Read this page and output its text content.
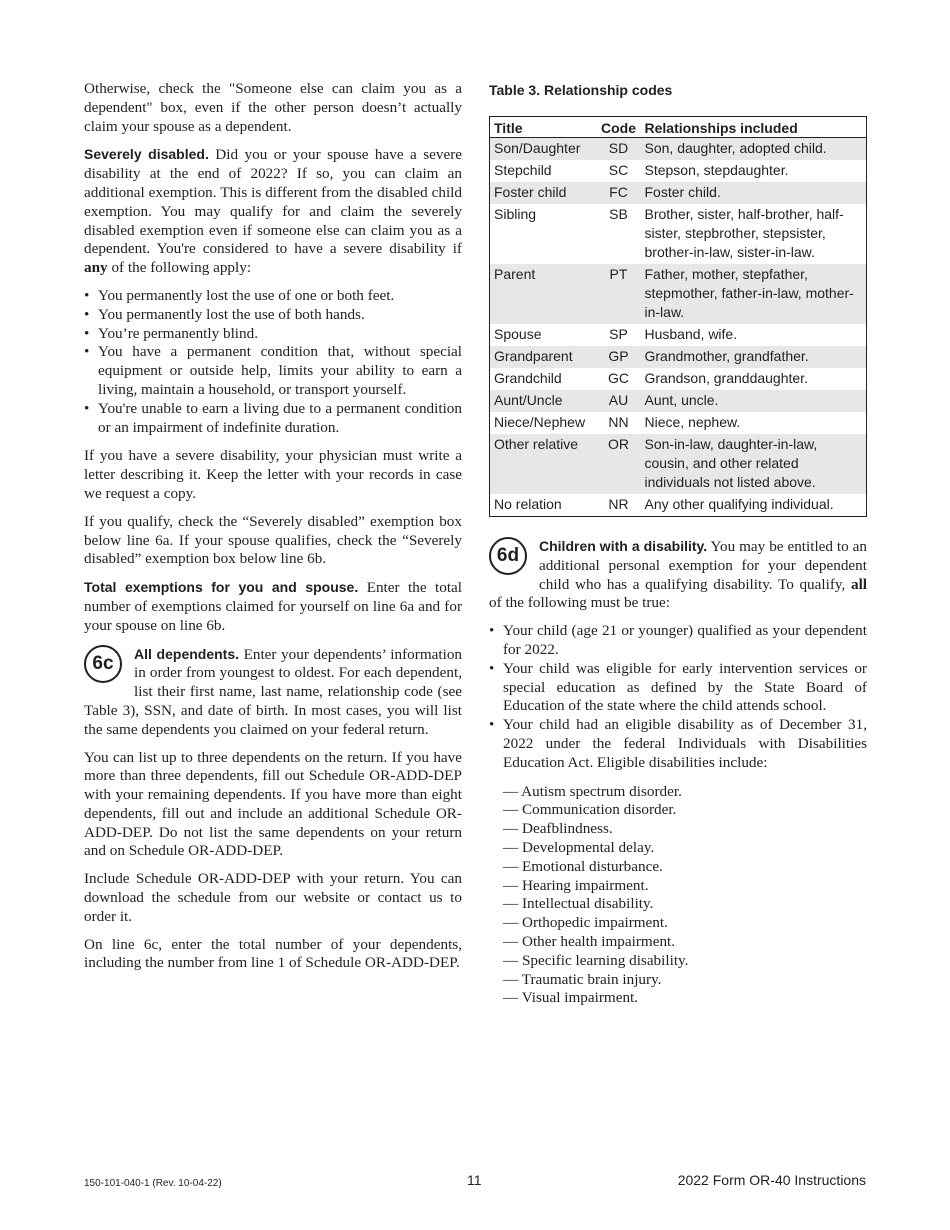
Otherwise, check the "Someone else can claim you as a dependent" box, even if the other person doesn’t actually claim your spouse as a dependent.

Severely disabled. Did you or your spouse have a severe disability at the end of 2022? If so, you can claim an additional exemption. This is different from the disabled child exemption. You may qualify for and claim the severely disabled exemption even if someone else can claim you as a dependent. You're considered to have a severe disability if any of the following apply:

• You permanently lost the use of one or both feet.
• You permanently lost the use of both hands.
• You’re permanently blind.
• You have a permanent condition that, without special equipment or outside help, limits your ability to earn a living, maintain a household, or transport yourself.
• You're unable to earn a living due to a permanent condition or an impairment of indefinite duration.

If you have a severe disability, your physician must write a letter describing it. Keep the letter with your records in case we request a copy.

If you qualify, check the “Severely disabled” exemption box below line 6a. If your spouse qualifies, check the “Severely disabled” exemption box below line 6b.

Total exemptions for you and spouse. Enter the total number of exemptions claimed for yourself on line 6a and for your spouse on line 6b.

6c	All dependents. Enter your dependents’ information in order from youngest to oldest. For each dependent, list their first name, last name, relationship code (see Table 3), SSN, and date of birth. In most cases, you will list the same dependents you claimed on your federal return.

You can list up to three dependents on the return. If you have more than three dependents, fill out Schedule OR-ADD-DEP with your remaining dependents. If you have more than eight dependents, fill out and include an additional Schedule OR-ADD-DEP. Do not list the same dependents on your return and on Schedule OR-ADD-DEP.

Include Schedule OR-ADD-DEP with your return. You can download the schedule from our website or contact us to order it.

On line 6c, enter the total number of your dependents, including the number from line 1 of Schedule OR-ADD-DEP.

Table 3. Relationship codes
Title	Code	Relationships included
Son/Daughter	SD	Son, daughter, adopted child.
Stepchild	SC	Stepson, stepdaughter.
Foster child	FC	Foster child.
Sibling	SB	Brother, sister, half-brother, half-sister, stepbrother, stepsister, brother-in-law, sister-in-law.
Parent	PT	Father, mother, stepfather, stepmother, father-in-law, mother-in-law.
Spouse	SP	Husband, wife.
Grandparent	GP	Grandmother, grandfather.
Grandchild	GC	Grandson, granddaughter.
Aunt/Uncle	AU	Aunt, uncle.
Niece/Nephew	NN	Niece, nephew.
Other relative	OR	Son-in-law, daughter-in-law, cousin, and other related individuals not listed above.
No relation	NR	Any other qualifying individual.
6d	Children with a disability. You may be entitled to an additional personal exemption for your dependent child who has a qualifying disability. To qualify, all of the following must be true:

• Your child (age 21 or younger) qualified as your dependent for 2022.
• Your child was eligible for early intervention services or special education as defined by the State Board of Education of the state where the child attends school.
• Your child had an eligible disability as of December 31, 2022 under the federal Individuals with Disabilities Education Act. Eligible disabilities include:
— Autism spectrum disorder.
— Communication disorder.
— Deafblindness.
— Developmental delay.
— Emotional disturbance.
— Hearing impairment.
— Intellectual disability.
— Orthopedic impairment.
— Other health impairment.
— Specific learning disability.
— Traumatic brain injury.
— Visual impairment.
150-101-040-1 (Rev. 10-04-22)	11	2022 Form OR-40 Instructions
